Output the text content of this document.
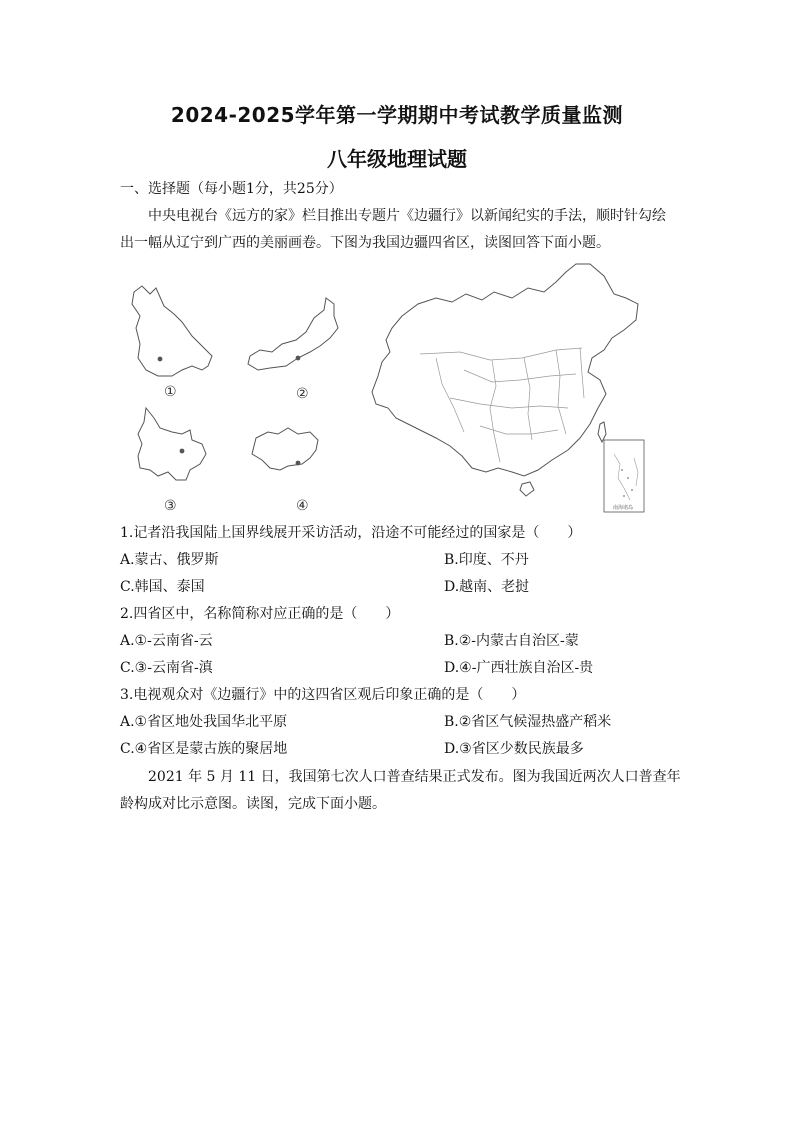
2024-2025学年第一学期期中考试教学质量监测
八年级地理试题
一、选择题（每小题1分，共25分）
中央电视台《远方的家》栏目推出专题片《边疆行》以新闻纪实的手法，顺时针勾绘
出一幅从辽宁到广西的美丽画卷。下图为我国边疆四省区，读图回答下面小题。
南海诸岛
①	②
③	④
1.记者沿我国陆上国界线展开采访活动，沿途不可能经过的国家是（　　）
A.蒙古、俄罗斯	B.印度、不丹
C.韩国、泰国	D.越南、老挝
2.四省区中，名称简称对应正确的是（　　）
A.①-云南省-云	B.②-内蒙古自治区-蒙
C.③-云南省-滇	D.④-广西壮族自治区-贵
3.电视观众对《边疆行》中的这四省区观后印象正确的是（　　）
A.①省区地处我国华北平原	B.②省区气候湿热盛产稻米
C.④省区是蒙古族的聚居地	D.③省区少数民族最多
2021 年 5 月 11 日，我国第七次人口普查结果正式发布。图为我国近两次人口普查年
龄构成对比示意图。读图，完成下面小题。
